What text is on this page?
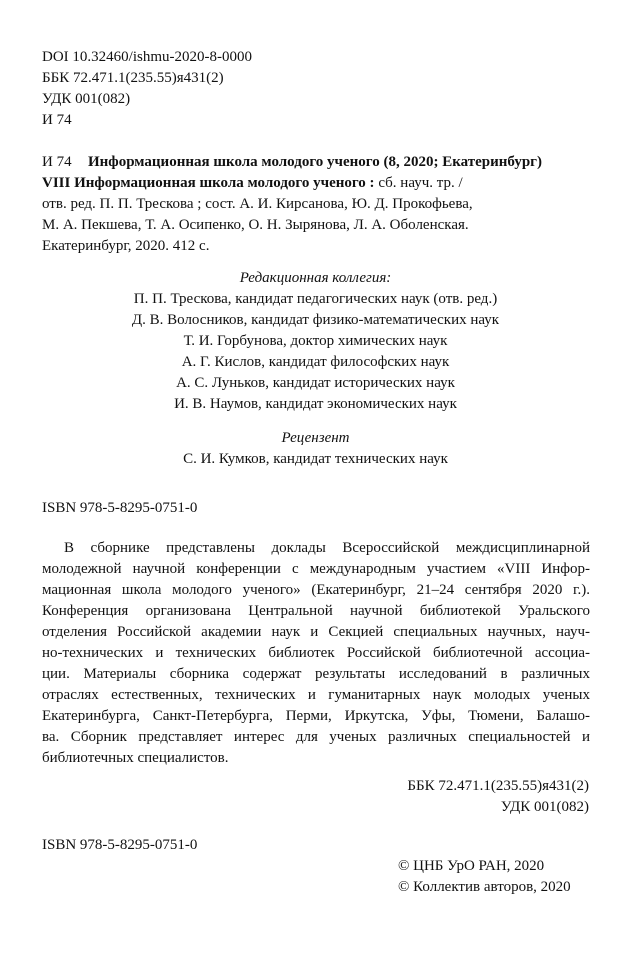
DOI 10.32460/ishmu-2020-8-0000
ББК 72.471.1(235.55)я431(2)
УДК 001(082)
И 74
И 74 Информационная школа молодого ученого (8, 2020; Екатеринбург)
VIII Информационная школа молодого ученого : сб. науч. тр. /
отв. ред. П. П. Трескова ; сост. А. И. Кирсанова, Ю. Д. Прокофьева,
М. А. Пекшева, Т. А. Осипенко, О. Н. Зырянова, Л. А. Оболенская.
Екатеринбург, 2020. 412 с.
Редакционная коллегия:
П. П. Трескова, кандидат педагогических наук (отв. ред.)
Д. В. Волосников, кандидат физико-математических наук
Т. И. Горбунова, доктор химических наук
А. Г. Кислов, кандидат философских наук
А. С. Луньков, кандидат исторических наук
И. В. Наумов, кандидат экономических наук
Рецензент
С. И. Кумков, кандидат технических наук
ISBN 978-5-8295-0751-0
В сборнике представлены доклады Всероссийской междисциплинарной
молодежной научной конференции с международным участием «VIII Инфор-
мационная школа молодого ученого» (Екатеринбург, 21–24 сентября 2020 г.).
Конференция организована Центральной научной библиотекой Уральского
отделения Российской академии наук и Секцией специальных научных, науч-
но-технических и технических библиотек Российской библиотечной ассоциа-
ции. Материалы сборника содержат результаты исследований в различных
отраслях естественных, технических и гуманитарных наук молодых ученых
Екатеринбурга, Санкт-Петербурга, Перми, Иркутска, Уфы, Тюмени, Балашо-
ва. Сборник представляет интерес для ученых различных специальностей и
библиотечных специалистов.
ББК 72.471.1(235.55)я431(2)
УДК 001(082)
ISBN 978-5-8295-0751-0
© ЦНБ УрО РАН, 2020
© Коллектив авторов, 2020
